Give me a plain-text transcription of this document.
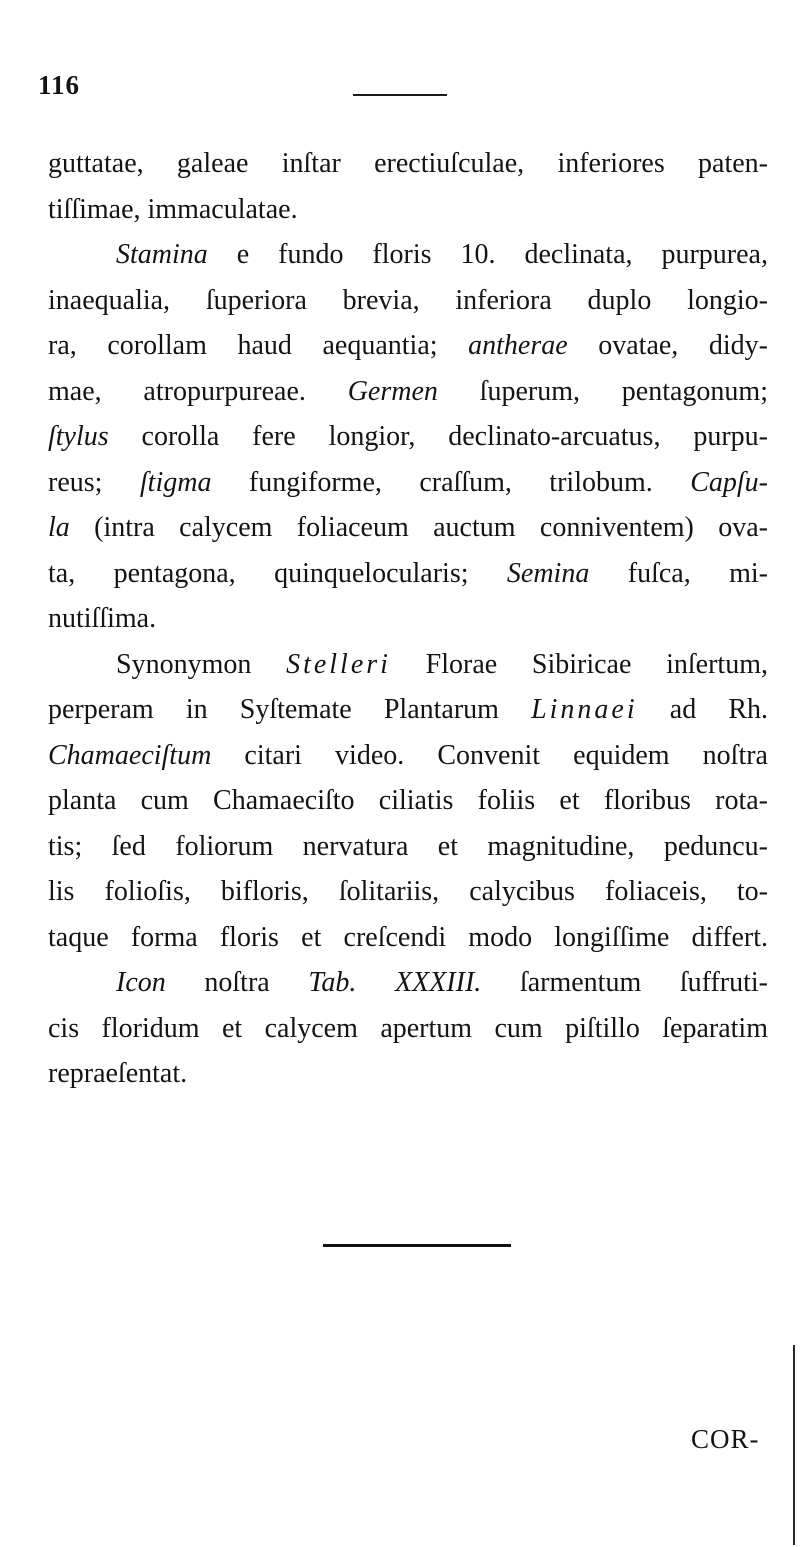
116
guttatae, galeae inſtar erectiuſculae, inferiores paten-
tiſſimae, immaculatae.
Stamina e fundo floris 10. declinata, purpurea,
inaequalia, ſuperiora brevia, inferiora duplo longio-
ra, corollam haud aequantia; antherae ovatae, didy-
mae, atropurpureae. Germen ſuperum, pentagonum;
ſtylus corolla fere longior, declinato-arcuatus, purpu-
reus; ſtigma fungiforme, craſſum, trilobum. Capſu-
la (intra calycem foliaceum auctum conniventem) ova-
ta, pentagona, quinquelocularis; Semina fuſca, mi-
nutiſſima.
Synonymon Stelleri Florae Sibiricae inſertum,
perperam in Syſtemate Plantarum Linnaei ad Rh.
Chamaeciſtum citari video. Convenit equidem noſtra
planta cum Chamaeciſto ciliatis foliis et floribus rota-
tis; ſed foliorum nervatura et magnitudine, peduncu-
lis folioſis, bifloris, ſolitariis, calycibus foliaceis, to-
taque forma floris et creſcendi modo longiſſime differt.
Icon noſtra Tab. XXXIII. ſarmentum ſuffruti-
cis floridum et calycem apertum cum piſtillo ſeparatim
repraeſentat.
COR-
